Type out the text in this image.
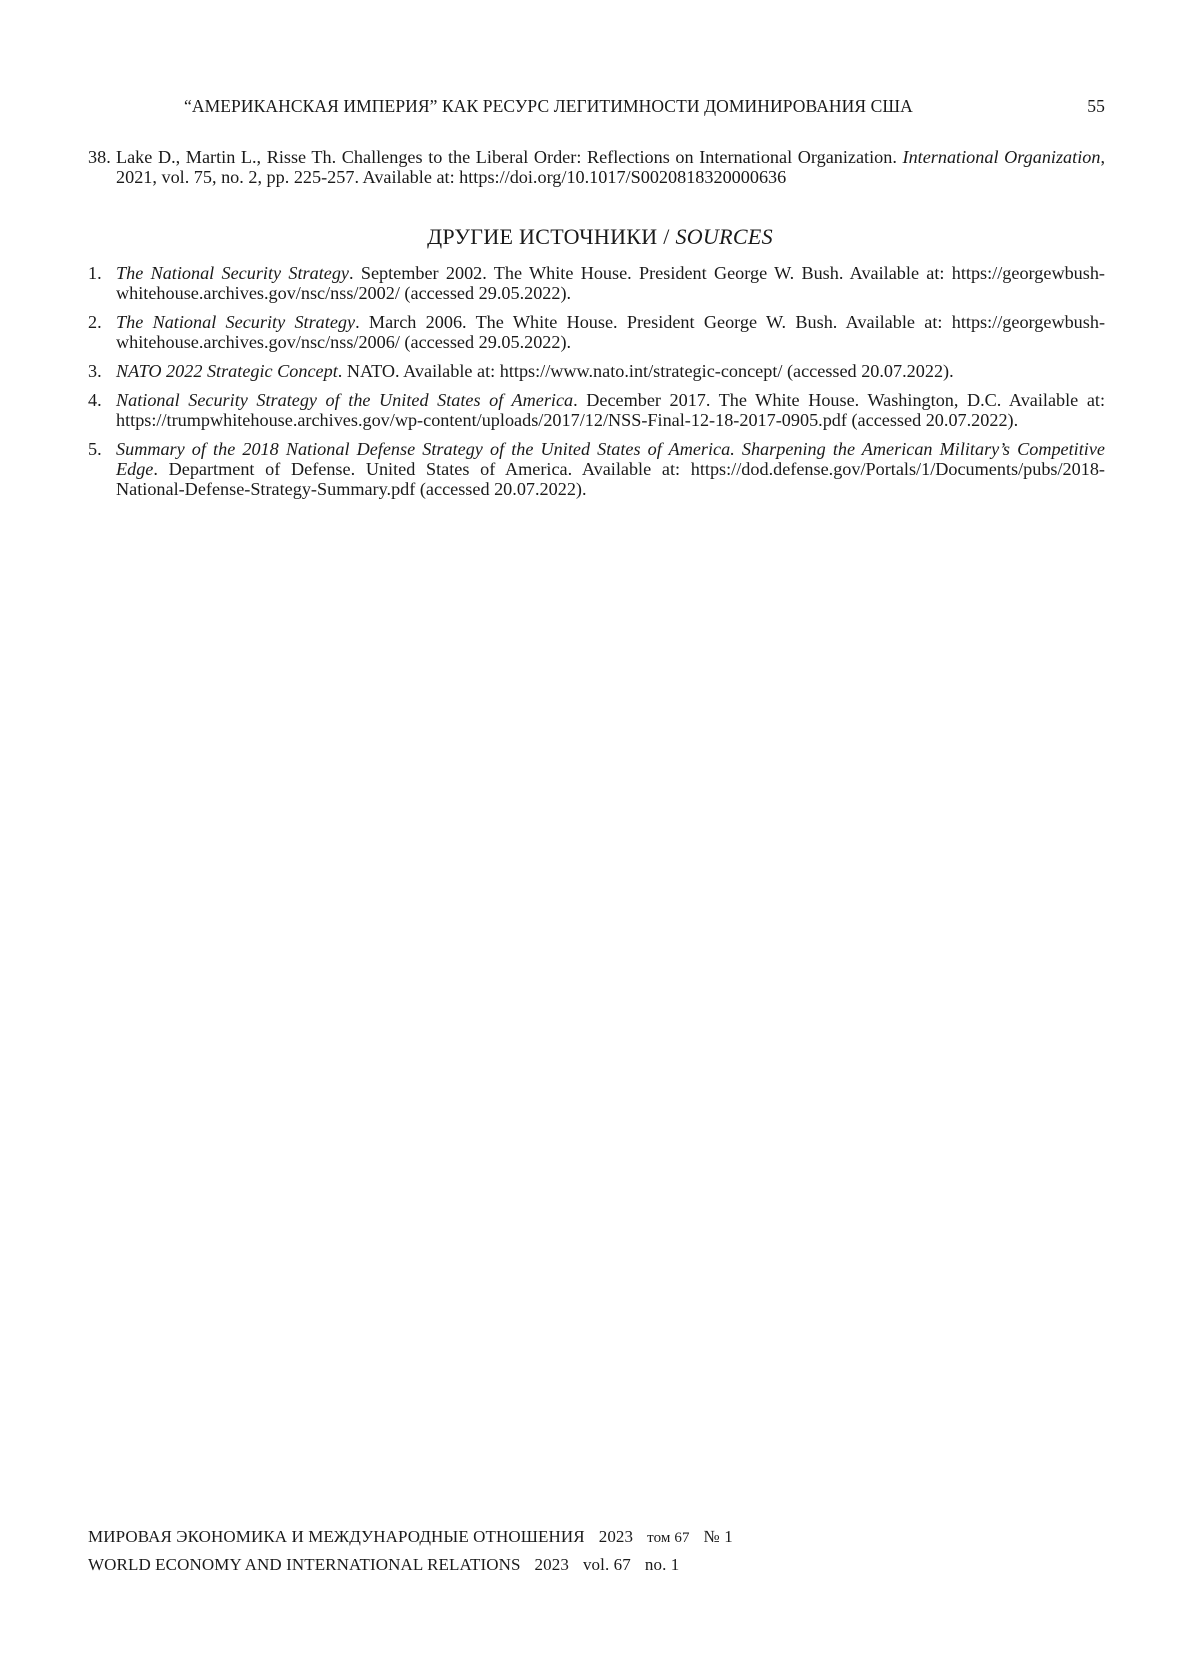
“АМЕРИКАНСКАЯ ИМПЕРИЯ” КАК РЕСУРС ЛЕГИТИМНОСТИ ДОМИНИРОВАНИЯ США	55
38. Lake D., Martin L., Risse Th. Challenges to the Liberal Order: Reflections on International Organization. International Organization, 2021, vol. 75, no. 2, pp. 225-257. Available at: https://doi.org/10.1017/S0020818320000636
ДРУГИЕ ИСТОЧНИКИ / SOURCES
1. The National Security Strategy. September 2002. The White House. President George W. Bush. Available at: https://georgewbush-whitehouse.archives.gov/nsc/nss/2002/ (accessed 29.05.2022).
2. The National Security Strategy. March 2006. The White House. President George W. Bush. Available at: https://georgewbush-whitehouse.archives.gov/nsc/nss/2006/ (accessed 29.05.2022).
3. NATO 2022 Strategic Concept. NATO. Available at: https://www.nato.int/strategic-concept/ (accessed 20.07.2022).
4. National Security Strategy of the United States of America. December 2017. The White House. Washington, D.C. Available at: https://trumpwhitehouse.archives.gov/wp-content/uploads/2017/12/NSS-Final-12-18-2017-0905.pdf (accessed 20.07.2022).
5. Summary of the 2018 National Defense Strategy of the United States of America. Sharpening the American Military’s Competitive Edge. Department of Defense. United States of America. Available at: https://dod.defense.gov/Portals/1/Documents/pubs/2018-National-Defense-Strategy-Summary.pdf (accessed 20.07.2022).
МИРОВАЯ ЭКОНОМИКА И МЕЖДУНАРОДНЫЕ ОТНОШЕНИЯ 2023 том 67 № 1
WORLD ECONOMY AND INTERNATIONAL RELATIONS 2023 vol. 67 no. 1
